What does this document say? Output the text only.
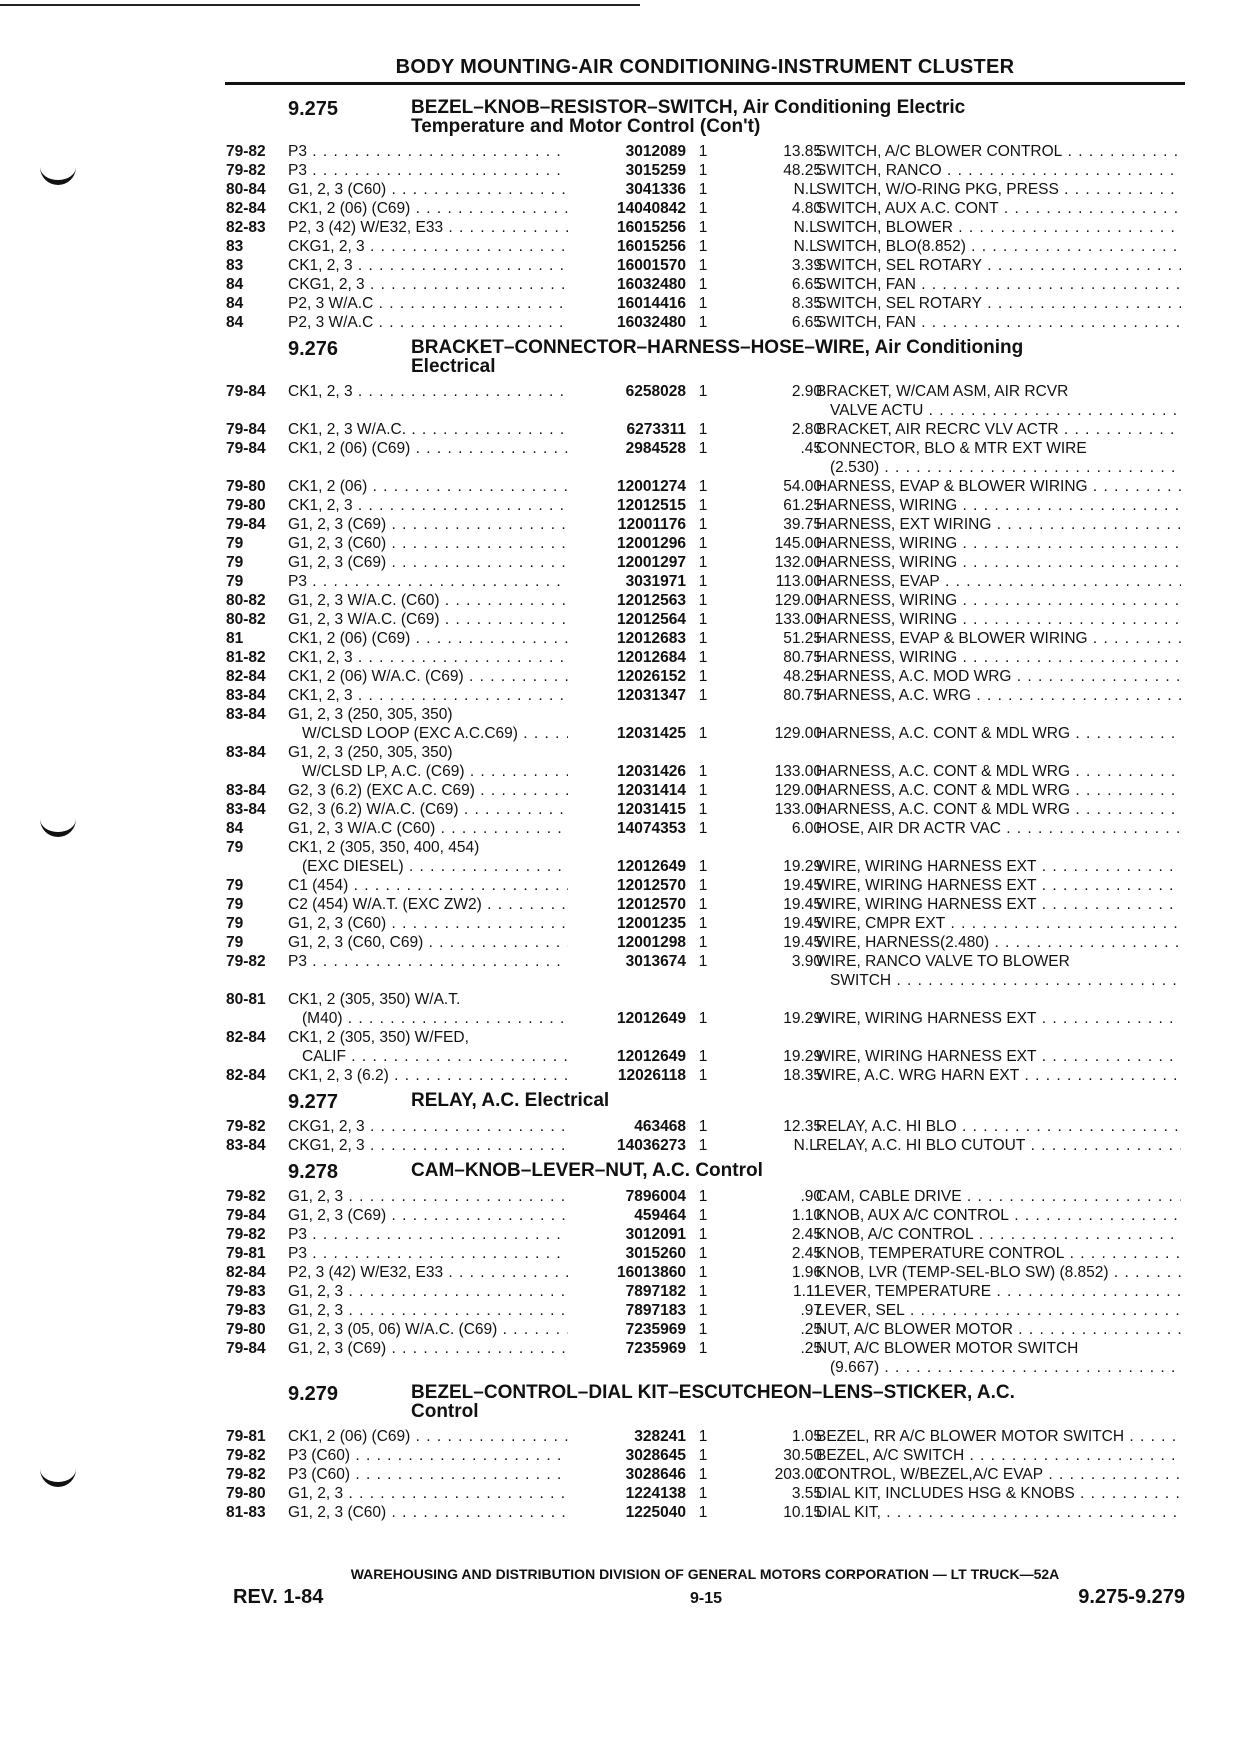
BODY MOUNTING-AIR CONDITIONING-INSTRUMENT CLUSTER
9.275	BEZEL–KNOB–RESISTOR–SWITCH, Air Conditioning Electric
Temperature and Motor Control (Con't)
79-82 P3 . . .	3012089 1	13.85
SWITCH, A/C BLOWER CONTROL . . .
79-82 P3 . . .	3015259 1	48.25
SWITCH, RANCO . . .
80-84 G1, 2, 3 (C60) . . .	3041336 1	N.L.
SWITCH, W/O-RING PKG, PRESS . . .
82-84 CK1, 2 (06) (C69) . . .	14040842 1	4.80
SWITCH, AUX A.C. CONT . . .
82-83 P2, 3 (42) W/E32, E33 . . .	16015256 1	N.L.
SWITCH, BLOWER . . .
83	CKG1, 2, 3 . . .	16015256 1	N.L.
SWITCH, BLO(8.852) . . .
83	CK1, 2, 3 . . .	16001570 1	3.39
SWITCH, SEL ROTARY . . .
84	CKG1, 2, 3 . . .	16032480 1	6.65
SWITCH, FAN . . .
84	P2, 3 W/A.C . . .	16014416 1	8.35
SWITCH, SEL ROTARY . . .
84	P2, 3 W/A.C . . .	16032480 1	6.65
SWITCH, FAN . . .
9.276	BRACKET–CONNECTOR–HARNESS–HOSE–WIRE, Air Conditioning
Electrical
79-84 CK1, 2, 3 . . .	6258028 1	2.90
BRACKET, W/CAM ASM, AIR RCVR
VALVE ACTU . . .
79-84 CK1, 2, 3 W/A.C. . . .	6273311 1	2.80
BRACKET, AIR RECRC VLV ACTR . . .
79-84 CK1, 2 (06) (C69) . . .	2984528 1	.45
CONNECTOR, BLO & MTR EXT WIRE
(2.530) . . .
79-80 CK1, 2 (06) . . .	12001274 1	54.00
HARNESS, EVAP & BLOWER WIRING . . .
79-80 CK1, 2, 3 . . .	12012515 1	61.25
HARNESS, WIRING . . .
79-84 G1, 2, 3 (C69) . . .	12001176 1	39.75
HARNESS, EXT WIRING . . .
79	G1, 2, 3 (C60) . . .	12001296 1	145.00
HARNESS, WIRING . . .
79	G1, 2, 3 (C69) . . .	12001297 1	132.00
HARNESS, WIRING . . .
79	P3 . . .	3031971 1	113.00
HARNESS, EVAP . . .
80-82 G1, 2, 3 W/A.C. (C60) . . .	12012563 1	129.00
HARNESS, WIRING . . .
80-82 G1, 2, 3 W/A.C. (C69) . . .	12012564 1	133.00
HARNESS, WIRING . . .
81	CK1, 2 (06) (C69) . . .	12012683 1	51.25
HARNESS, EVAP & BLOWER WIRING . . .
81-82 CK1, 2, 3 . . .	12012684 1	80.75
HARNESS, WIRING . . .
82-84 CK1, 2 (06) W/A.C. (C69) . . .	12026152 1	48.25
HARNESS, A.C. MOD WRG . . .
83-84 CK1, 2, 3 . . .	12031347 1	80.75
HARNESS, A.C. WRG . . .
83-84 G1, 2, 3 (250, 305, 350)
W/CLSD LOOP (EXC A.C.C69) . . .	12031425 1	129.00
HARNESS, A.C. CONT & MDL WRG . . .
83-84 G1, 2, 3 (250, 305, 350)
W/CLSD LP, A.C. (C69) . . .	12031426 1	133.00
HARNESS, A.C. CONT & MDL WRG . . .
83-84 G2, 3 (6.2) (EXC A.C. C69) . . .	12031414 1	129.00
HARNESS, A.C. CONT & MDL WRG . . .
83-84 G2, 3 (6.2) W/A.C. (C69) . . .	12031415 1	133.00
HARNESS, A.C. CONT & MDL WRG . . .
84	G1, 2, 3 W/A.C (C60) . . .	14074353 1	6.00
HOSE, AIR DR ACTR VAC . . .
79	CK1, 2 (305, 350, 400, 454)
(EXC DIESEL) . . .	12012649 1	19.29
WIRE, WIRING HARNESS EXT . . .
79	C1 (454) . . .	12012570 1	19.45
WIRE, WIRING HARNESS EXT . . .
79	C2 (454) W/A.T. (EXC ZW2) . . .	12012570 1	19.45
WIRE, WIRING HARNESS EXT . . .
79	G1, 2, 3 (C60) . . .	12001235 1	19.45
WIRE, CMPR EXT . . .
79	G1, 2, 3 (C60, C69) . . .	12001298 1	19.45
WIRE, HARNESS(2.480) . . .
79-82 P3 . . .	3013674 1	3.90
WIRE, RANCO VALVE TO BLOWER
SWITCH . . .
80-81 CK1, 2 (305, 350) W/A.T.
(M40) . . .	12012649 1	19.29
WIRE, WIRING HARNESS EXT . . .
82-84 CK1, 2 (305, 350) W/FED,
CALIF . . .	12012649 1	19.29
WIRE, WIRING HARNESS EXT . . .
82-84 CK1, 2, 3 (6.2) . . .	12026118 1	18.35
WIRE, A.C. WRG HARN EXT . . .
9.277	RELAY, A.C. Electrical
79-82 CKG1, 2, 3 . . .	463468 1	12.35
RELAY, A.C. HI BLO . . .
83-84 CKG1, 2, 3 . . .	14036273 1	N.L.
RELAY, A.C. HI BLO CUTOUT . . .
9.278	CAM–KNOB–LEVER–NUT, A.C. Control
79-82 G1, 2, 3 . . .	7896004 1	.90
CAM, CABLE DRIVE . . .
79-84 G1, 2, 3 (C69) . . .	459464 1	1.10
KNOB, AUX A/C CONTROL . . .
79-82 P3 . . .	3012091 1	2.45
KNOB, A/C CONTROL . . .
79-81 P3 . . .	3015260 1	2.45
KNOB, TEMPERATURE CONTROL . . .
82-84 P2, 3 (42) W/E32, E33 . . .	16013860 1	1.96
KNOB, LVR (TEMP-SEL-BLO SW) (8.852) . . .
79-83 G1, 2, 3 . . .	7897182 1	1.11
LEVER, TEMPERATURE . . .
79-83 G1, 2, 3 . . .	7897183 1	.97
LEVER, SEL . . .
79-80 G1, 2, 3 (05, 06) W/A.C. (C69) . . .	7235969 1	.25
NUT, A/C BLOWER MOTOR . . .
79-84 G1, 2, 3 (C69) . . .	7235969 1	.25
NUT, A/C BLOWER MOTOR SWITCH
(9.667) . . .
9.279	BEZEL–CONTROL–DIAL KIT–ESCUTCHEON–LENS–STICKER, A.C.
Control
79-81 CK1, 2 (06) (C69) . . .	328241 1	1.05
BEZEL, RR A/C BLOWER MOTOR SWITCH . . .
79-82 P3 (C60) . . .	3028645 1	30.50
BEZEL, A/C SWITCH . . .
79-82 P3 (C60) . . .	3028646 1	203.00
CONTROL, W/BEZEL,A/C EVAP . . .
79-80 G1, 2, 3 . . .	1224138 1	3.55
DIAL KIT, INCLUDES HSG & KNOBS . . .
81-83 G1, 2, 3 (C60) . . .	1225040 1	10.15
DIAL KIT, . . .
WAREHOUSING AND DISTRIBUTION DIVISION OF GENERAL MOTORS CORPORATION — LT TRUCK—52A
REV. 1-84	9-15	9.275-9.279
